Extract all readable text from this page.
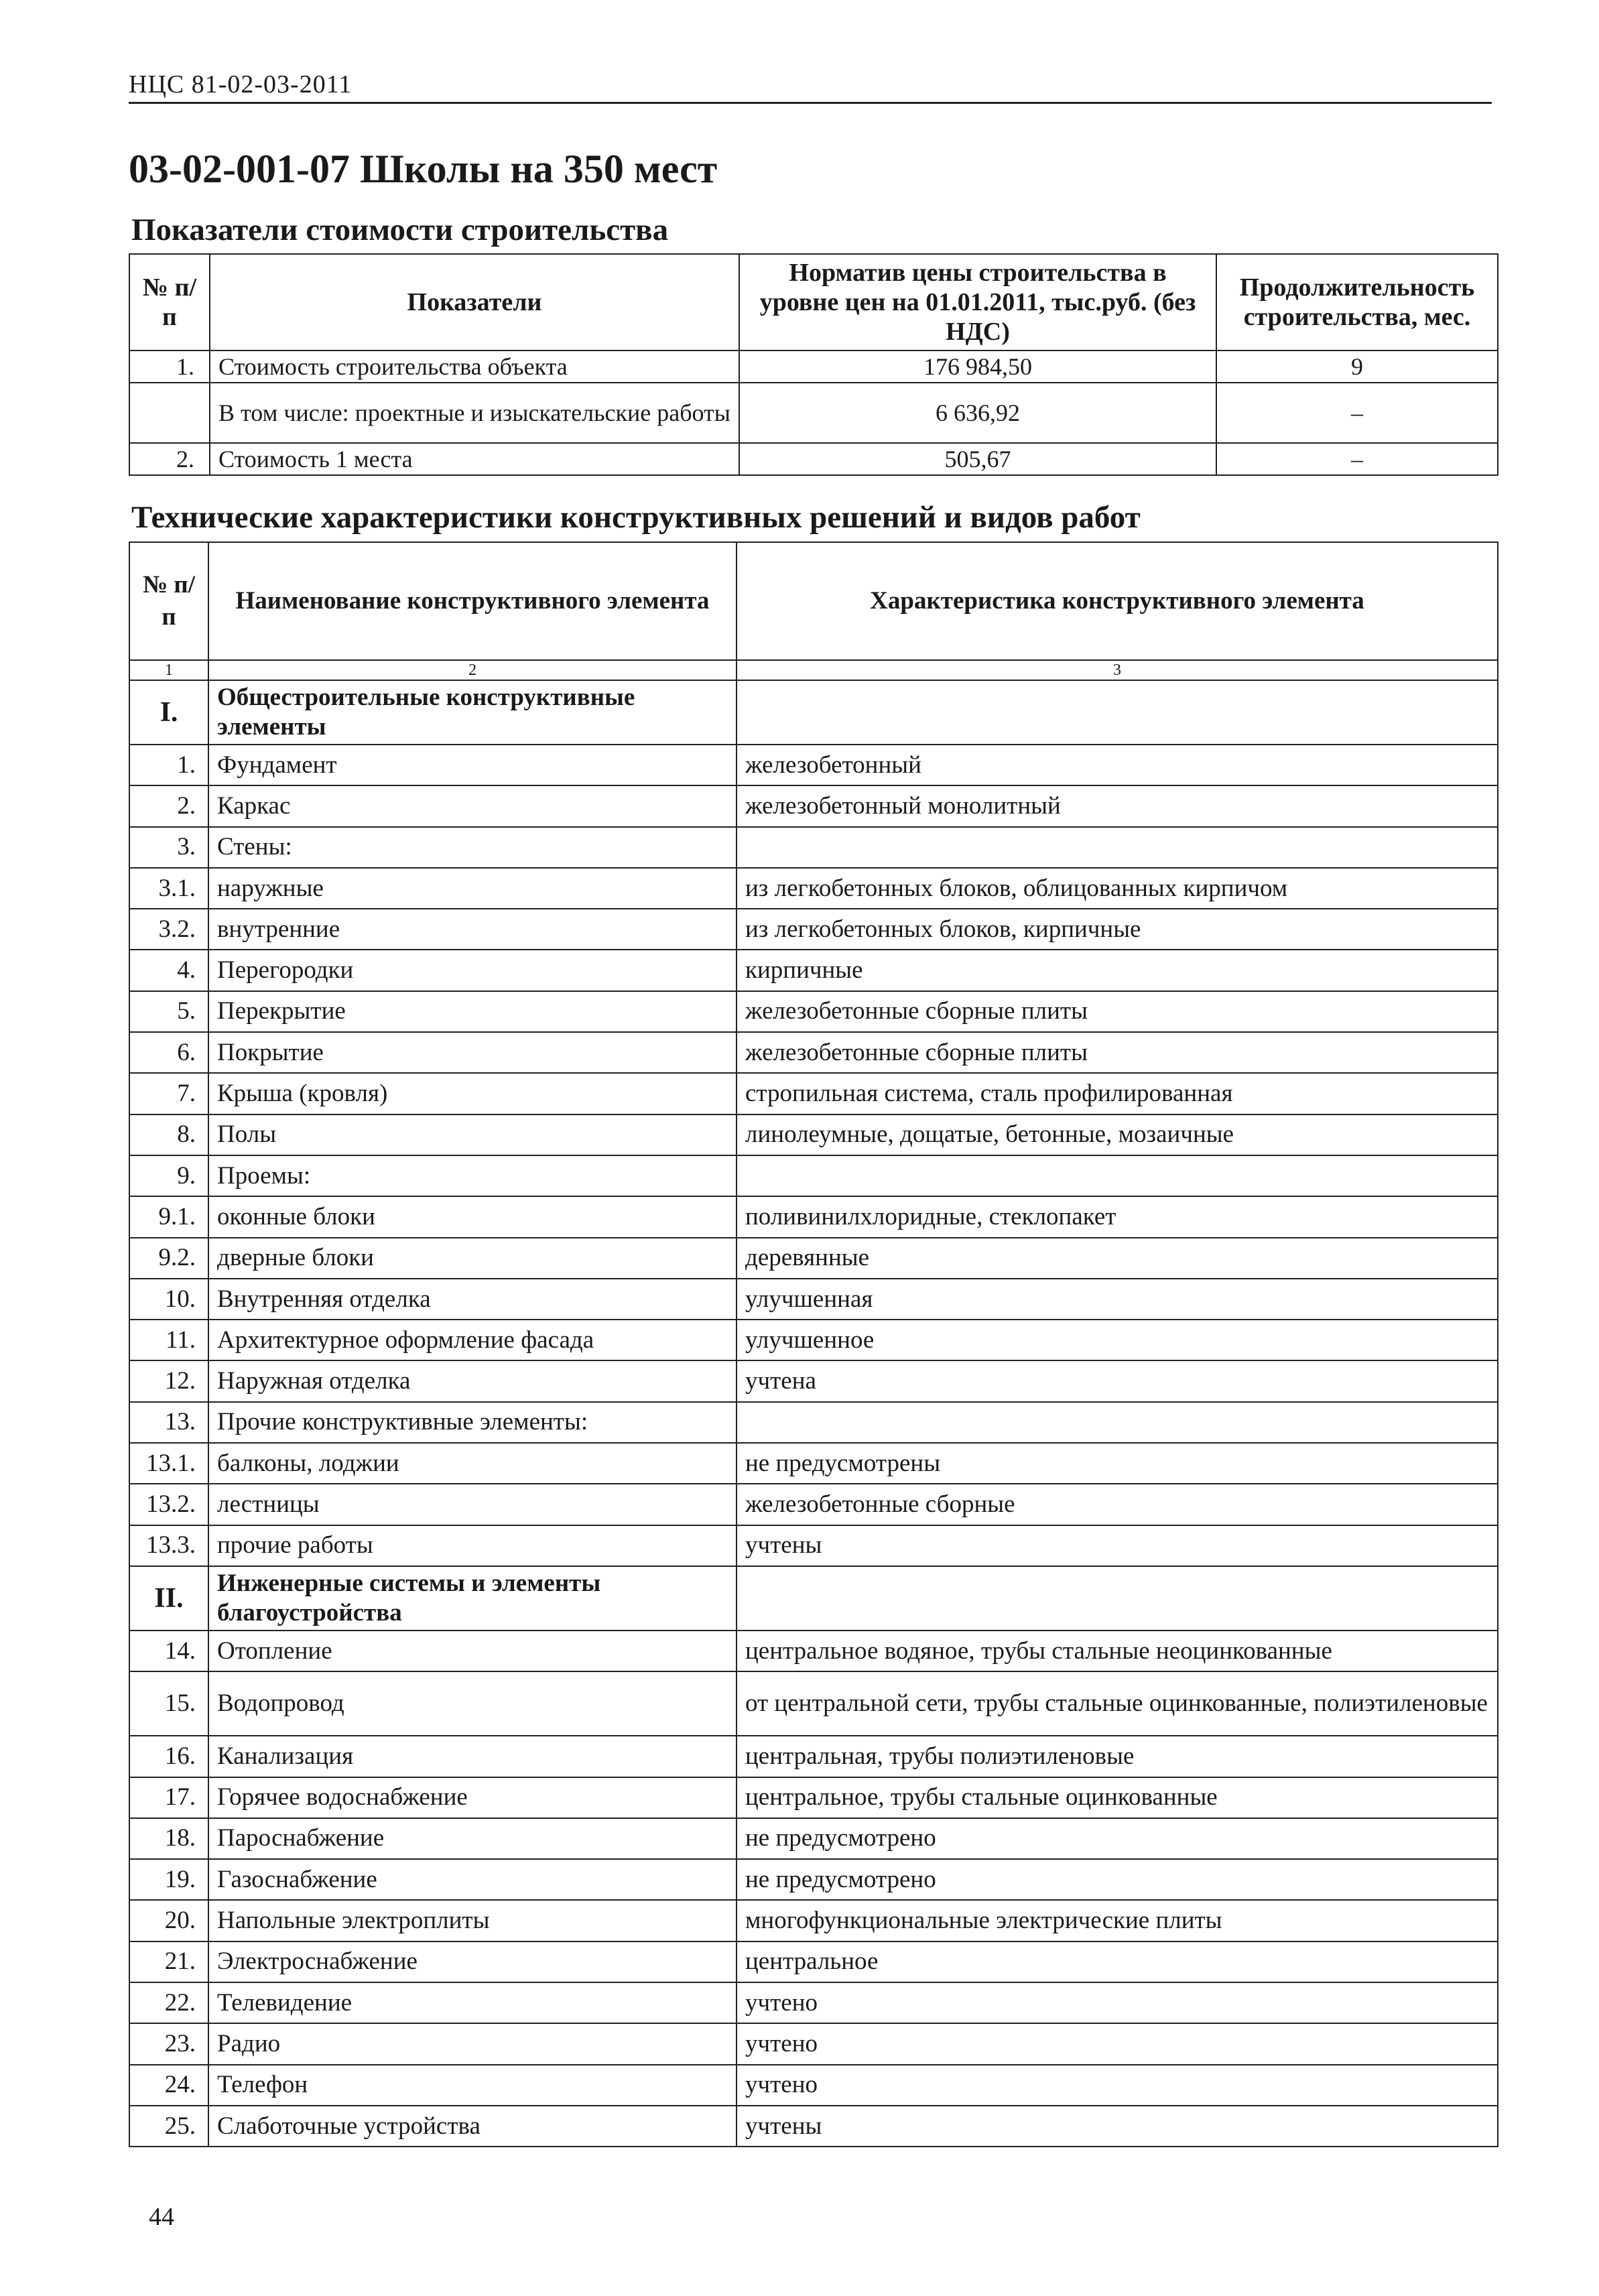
НЦС 81-02-03-2011
03-02-001-07 Школы на 350 мест
Показатели стоимости строительства
№ п/п	Показатели	Норматив цены строительства в уровне цен на 01.01.2011, тыс.руб. (без НДС)	Продолжительность строительства, мес.
1.	Стоимость строительства объекта	176 984,50	9
	В том числе: проектные и изыскательские работы	6 636,92	–
2.	Стоимость 1 места	505,67	–
Технические характеристики конструктивных решений и видов работ
№ п/п	Наименование конструктивного элемента	Характеристика конструктивного элемента
1	2	3
I.	Общестроительные конструктивные элементы	
1.	Фундамент	железобетонный
2.	Каркас	железобетонный монолитный
3.	Стены:	
3.1.	наружные	из легкобетонных блоков, облицованных кирпичом
3.2.	внутренние	из легкобетонных блоков, кирпичные
4.	Перегородки	кирпичные
5.	Перекрытие	железобетонные сборные плиты
6.	Покрытие	железобетонные сборные плиты
7.	Крыша (кровля)	стропильная система, сталь профилированная
8.	Полы	линолеумные, дощатые, бетонные, мозаичные
9.	Проемы:	
9.1.	оконные блоки	поливинилхлоридные, стеклопакет
9.2.	дверные блоки	деревянные
10.	Внутренняя отделка	улучшенная
11.	Архитектурное оформление фасада	улучшенное
12.	Наружная отделка	учтена
13.	Прочие конструктивные элементы:	
13.1.	балконы, лоджии	не предусмотрены
13.2.	лестницы	железобетонные сборные
13.3.	прочие работы	учтены
II.	Инженерные системы и элементы благоустройства	
14.	Отопление	центральное водяное, трубы стальные неоцинкованные
15.	Водопровод	от центральной сети, трубы стальные оцинкованные, полиэтиленовые
16.	Канализация	центральная, трубы полиэтиленовые
17.	Горячее водоснабжение	центральное, трубы стальные оцинкованные
18.	Пароснабжение	не предусмотрено
19.	Газоснабжение	не предусмотрено
20.	Напольные электроплиты	многофункциональные электрические плиты
21.	Электроснабжение	центральное
22.	Телевидение	учтено
23.	Радио	учтено
24.	Телефон	учтено
25.	Слаботочные устройства	учтены
44
